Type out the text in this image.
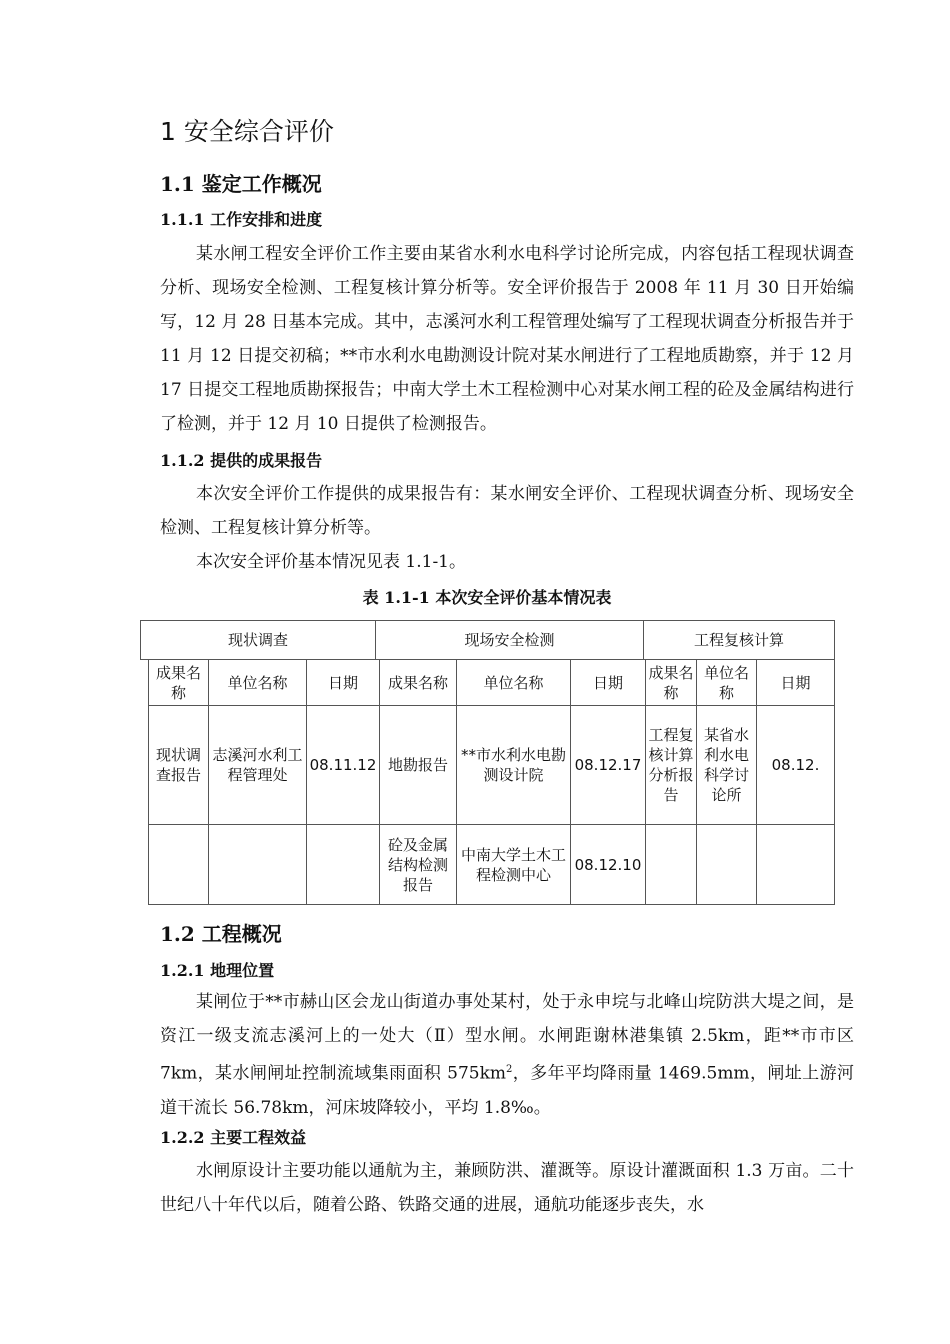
1 安全综合评价
1.1 鉴定工作概况
1.1.1 工作安排和进度

某水闸工程安全评价工作主要由某省水利水电科学讨论所完成，内容包括工程现状调查分析、现场安全检测、工程复核计算分析等。安全评价报告于 2008 年 11 月 30 日开始编写，12 月 28 日基本完成。其中，志溪河水利工程管理处编写了工程现状调查分析报告并于 11 月 12 日提交初稿；**市水利水电勘测设计院对某水闸进行了工程地质勘察，并于 12 月 17 日提交工程地质勘探报告；中南大学土木工程检测中心对某水闸工程的砼及金属结构进行了检测，并于 12 月 10 日提供了检测报告。

1.1.2 提供的成果报告

本次安全评价工作提供的成果报告有：某水闸安全评价、工程现状调查分析、现场安全检测、工程复核计算分析等。

本次安全评价基本情况见表 1.1-1。

表 1.1-1 本次安全评价基本情况表
现状调查	现场安全检测	工程复核计算
成果名称	单位名称	日期	成果名称	单位名称	日期	成果名称	单位名称	日期
现状调查报告	志溪河水利工程管理处	08.11.12	地勘报告	**市水利水电勘测设计院	08.12.17	工程复核计算分析报告	某省水利水电科学讨论所	08.12.
			砼及金属结构检测报告	中南大学土木工程检测中心	08.12.10			
1.2 工程概况
1.2.1 地理位置

某闸位于**市赫山区会龙山街道办事处某村，处于永申垸与北峰山垸防洪大堤之间，是资江一级支流志溪河上的一处大（Ⅱ）型水闸。水闸距谢林港集镇 2.5km，距**市市区 7km，某水闸闸址控制流域集雨面积 $575km^2$，多年平均降雨量 1469.5mm，闸址上游河道干流长 56.78km，河床坡降较小，平均 1.8‰。

1.2.2 主要工程效益

水闸原设计主要功能以通航为主，兼顾防洪、灌溉等。原设计灌溉面积 1.3 万亩。二十世纪八十年代以后，随着公路、铁路交通的进展，通航功能逐步丧失，水
